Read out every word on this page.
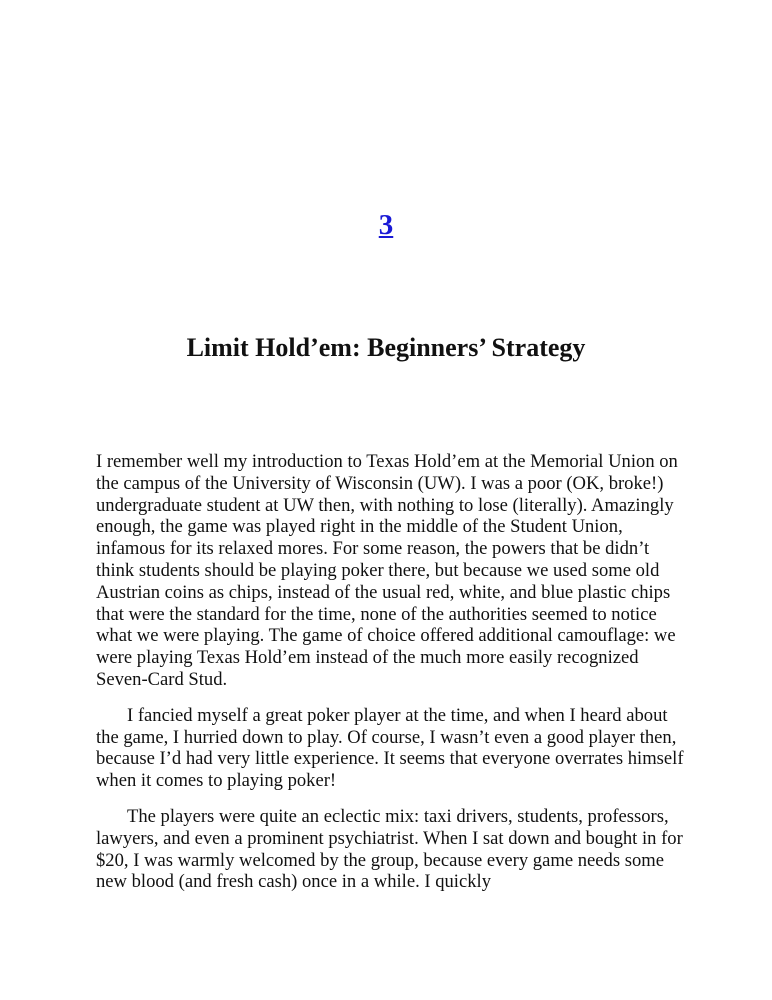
3
Limit Hold’em: Beginners’ Strategy

I remember well my introduction to Texas Hold’em at the Memorial Union on the campus of the University of Wisconsin (UW). I was a poor (OK, broke!) undergraduate student at UW then, with nothing to lose (literally). Amazingly enough, the game was played right in the middle of the Student Union, infamous for its relaxed mores. For some reason, the powers that be didn’t think students should be playing poker there, but because we used some old Austrian coins as chips, instead of the usual red, white, and blue plastic chips that were the standard for the time, none of the authorities seemed to notice what we were playing. The game of choice offered additional camouflage: we were playing Texas Hold’em instead of the much more easily recognized Seven-Card Stud.

I fancied myself a great poker player at the time, and when I heard about the game, I hurried down to play. Of course, I wasn’t even a good player then, because I’d had very little experience. It seems that everyone overrates himself when it comes to playing poker!

The players were quite an eclectic mix: taxi drivers, students, professors, lawyers, and even a prominent psychiatrist. When I sat down and bought in for $20, I was warmly welcomed by the group, because every game needs some new blood (and fresh cash) once in a while. I quickly
